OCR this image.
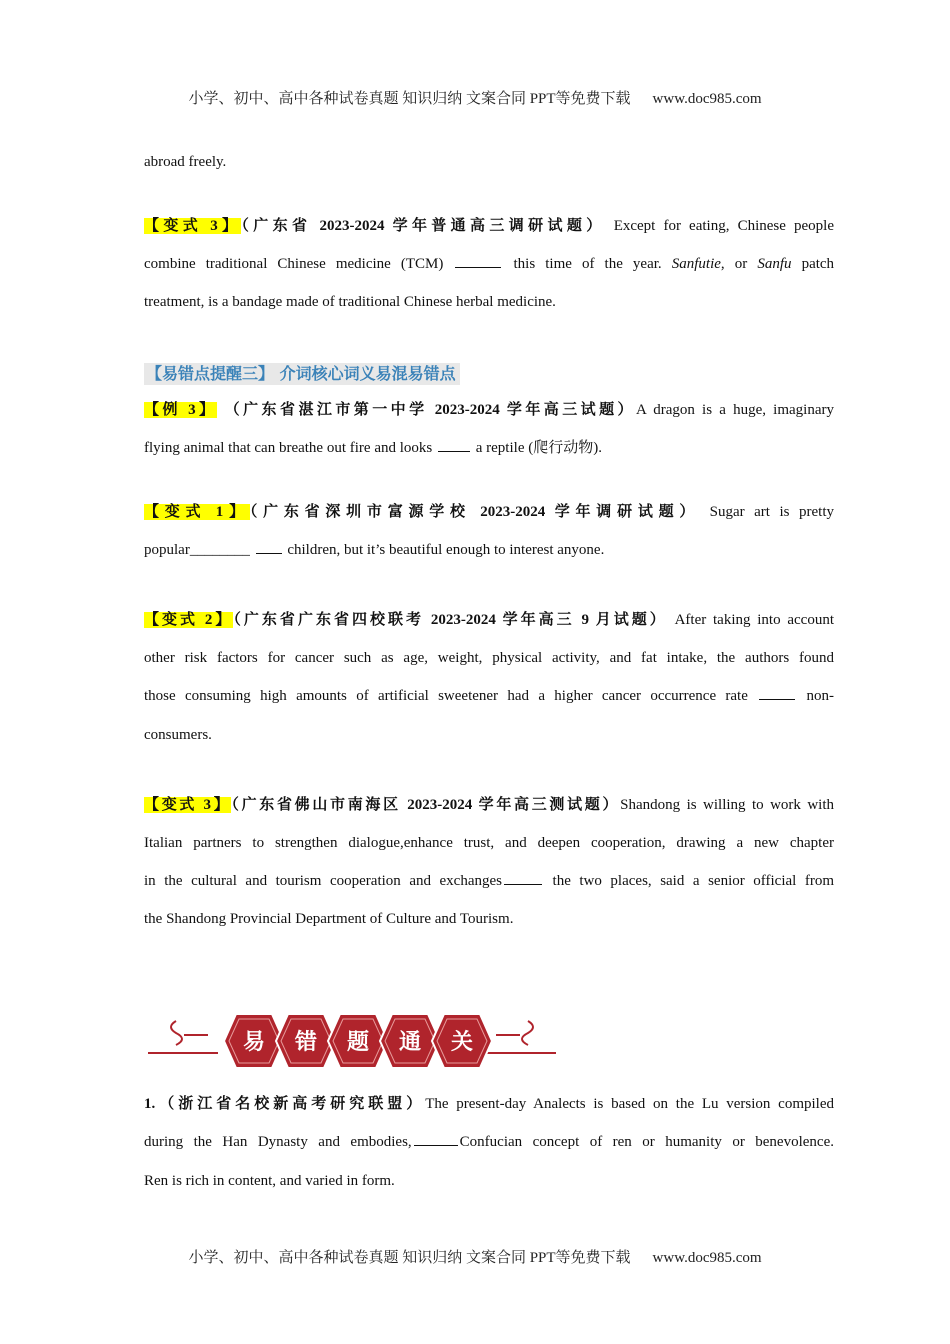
小学、初中、高中各种试卷真题 知识归纳 文案合同 PPT等免费下载 www.doc985.com
abroad freely.
【变式 3】（广东省 2023-2024 学年普通高三调研试题） Except for eating, Chinese people
combine traditional Chinese medicine (TCM)	this time of the year. Sanfutie, or Sanfu patch
treatment, is a bandage made of traditional Chinese herbal medicine.
【易错点提醒三】 介词核心词义易混易错点
【例 3】 （广东省湛江市第一中学 2023-2024 学年高三试题）A dragon is a huge, imaginary
flying animal that can breathe out fire and looks	a reptile (爬行动物).
【变式 1】（广东省深圳市富源学校 2023-2024 学年调研试题） Sugar art is pretty
popular________	children, but it’s beautiful enough to interest anyone.
【变式 2】（广东省广东省四校联考 2023-2024 学年高三 9 月试题） After taking into account
other risk factors for cancer such as age, weight, physical activity, and fat intake, the authors found
those consuming high amounts of artificial sweetener had a higher cancer occurrence rate	non-
consumers.
【变式 3】（广东省佛山市南海区 2023-2024 学年高三测试题）Shandong is willing to work with
Italian partners to strengthen dialogue,enhance trust, and deepen cooperation, drawing a new chapter
in the cultural and tourism cooperation and exchanges	the two places, said a senior official from
the Shandong Provincial Department of Culture and Tourism.
易 错 题 通 关
1.（浙江省名校新高考研究联盟）The present-day Analects is based on the Lu version compiled
during the Han Dynasty and embodies,	Confucian concept of ren or humanity or benevolence.
Ren is rich in content, and varied in form.
小学、初中、高中各种试卷真题 知识归纳 文案合同 PPT等免费下载 www.doc985.com
